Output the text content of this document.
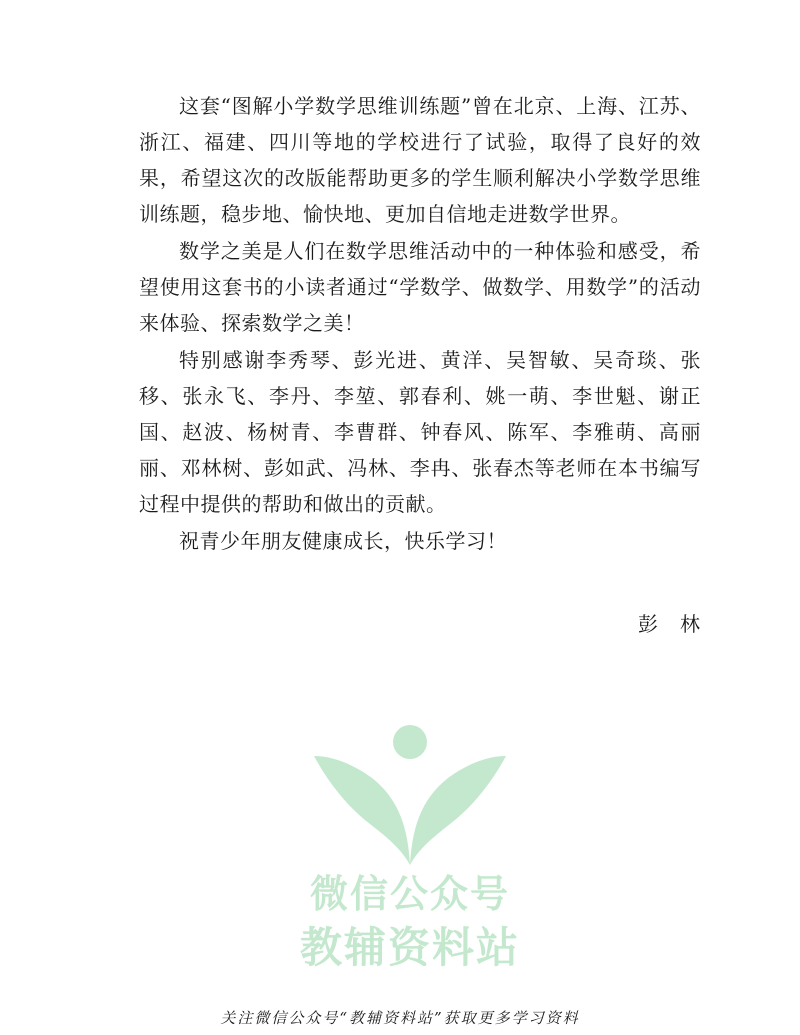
这套“图解小学数学思维训练题”曾在北京、上海、江苏、浙江、福建、四川等地的学校进行了试验，取得了良好的效果，希望这次的改版能帮助更多的学生顺利解决小学数学思维训练题，稳步地、愉快地、更加自信地走进数学世界。

数学之美是人们在数学思维活动中的一种体验和感受，希望使用这套书的小读者通过“学数学、做数学、用数学”的活动来体验、探索数学之美！

特别感谢李秀琴、彭光进、黄洋、吴智敏、吴奇琰、张移、张永飞、李丹、李堃、郭春利、姚一萌、李世魁、谢正国、赵波、杨树青、李曹群、钟春风、陈军、李雅萌、高丽丽、邓林树、彭如武、冯林、李冉、张春杰等老师在本书编写过程中提供的帮助和做出的贡献。

祝青少年朋友健康成长，快乐学习！

彭　林
微信公众号
教辅资料站
关注微信公众号“教辅资料站”获取更多学习资料
